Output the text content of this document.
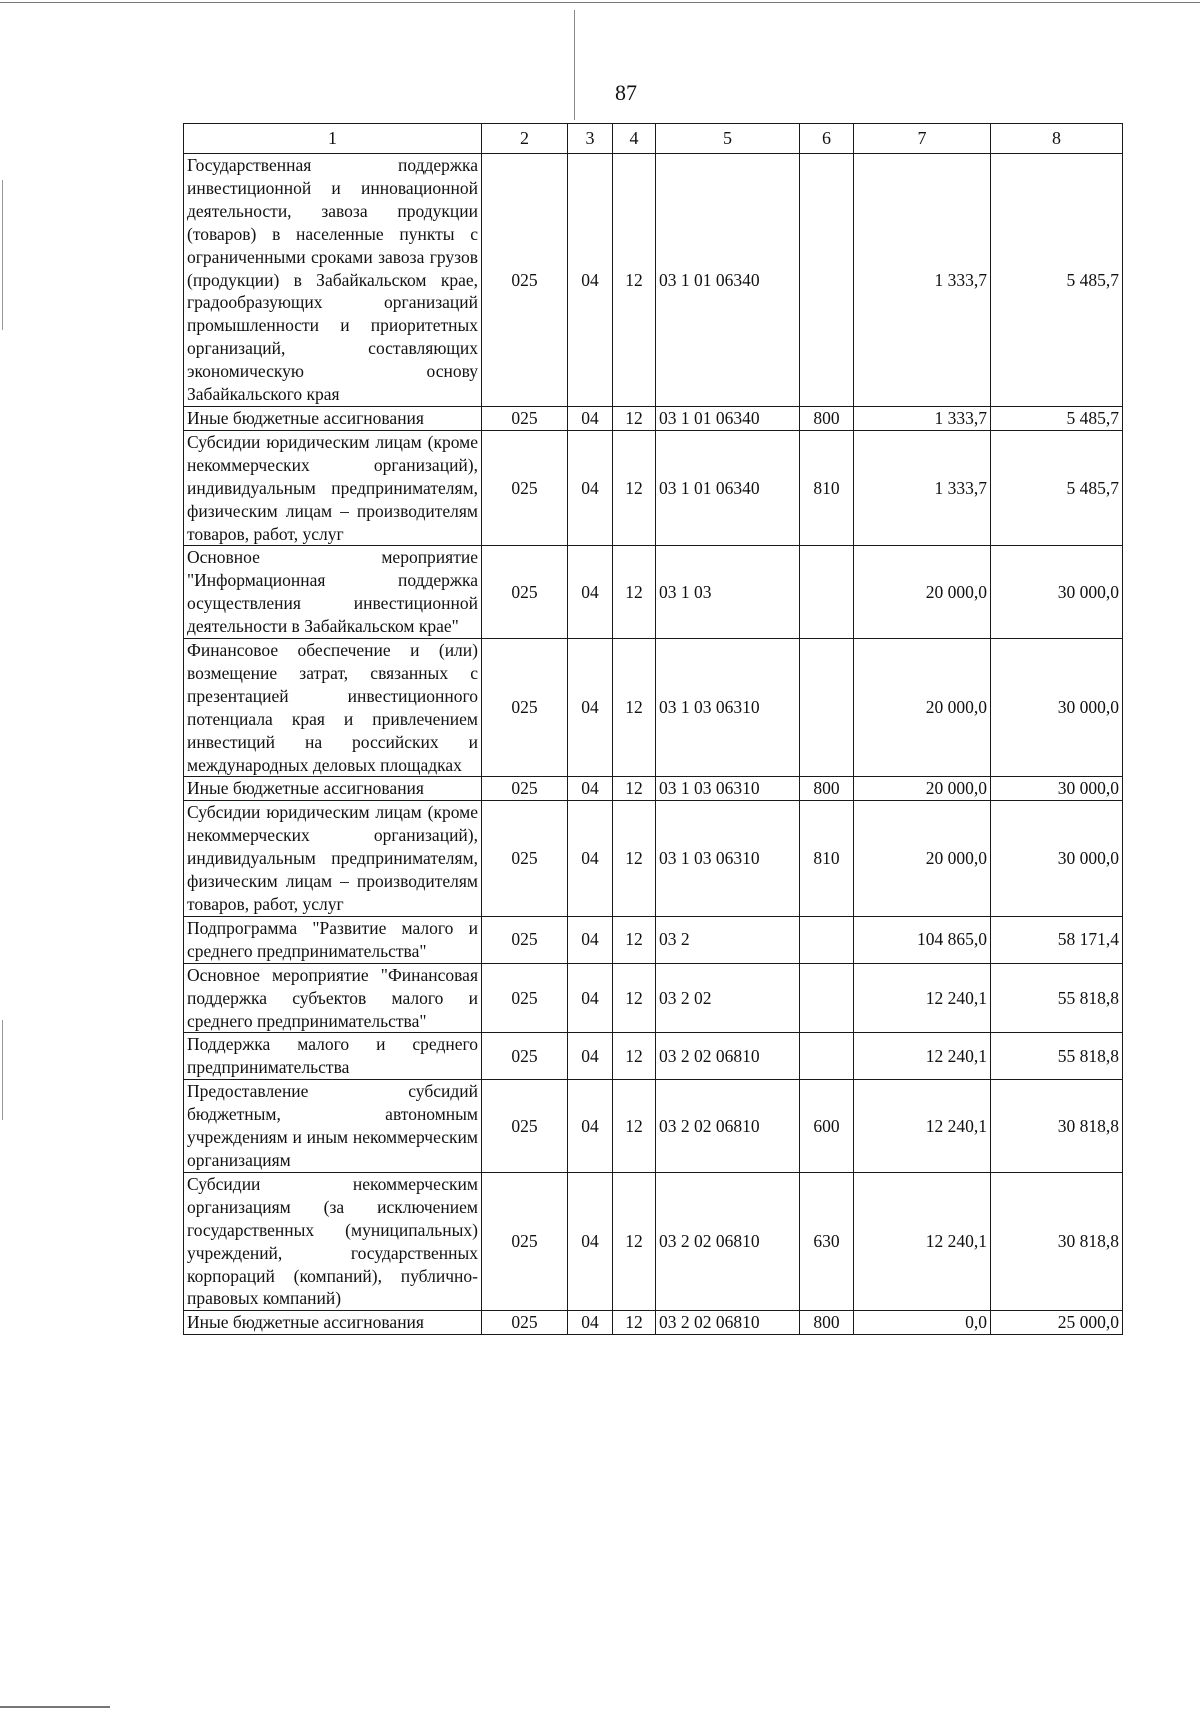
87
1	2	3	4	5	6	7	8
Государственная поддержка инвестиционной и инновационной деятельности, завоза продукции (товаров) в населенные пункты с ограниченными сроками завоза грузов (продукции) в Забайкальском крае, градообразующих организаций промышленности и приоритетных организаций, составляющих экономическую основу Забайкальского края	025	04	12	03 1 01 06340		1 333,7	5 485,7
Иные бюджетные ассигнования	025	04	12	03 1 01 06340	800	1 333,7	5 485,7
Субсидии юридическим лицам (кроме некоммерческих организаций), индивидуальным предпринимателям, физическим лицам – производителям товаров, работ, услуг	025	04	12	03 1 01 06340	810	1 333,7	5 485,7
Основное мероприятие "Информационная поддержка осуществления инвестиционной деятельности в Забайкальском крае"	025	04	12	03 1 03		20 000,0	30 000,0
Финансовое обеспечение и (или) возмещение затрат, связанных с презентацией инвестиционного потенциала края и привлечением инвестиций на российских и международных деловых площадках	025	04	12	03 1 03 06310		20 000,0	30 000,0
Иные бюджетные ассигнования	025	04	12	03 1 03 06310	800	20 000,0	30 000,0
Субсидии юридическим лицам (кроме некоммерческих организаций), индивидуальным предпринимателям, физическим лицам – производителям товаров, работ, услуг	025	04	12	03 1 03 06310	810	20 000,0	30 000,0
Подпрограмма "Развитие малого и среднего предпринимательства"	025	04	12	03 2		104 865,0	58 171,4
Основное мероприятие "Финансовая поддержка субъектов малого и среднего предпринимательства"	025	04	12	03 2 02		12 240,1	55 818,8
Поддержка малого и среднего предпринимательства	025	04	12	03 2 02 06810		12 240,1	55 818,8
Предоставление субсидий бюджетным, автономным учреждениям и иным некоммерческим организациям	025	04	12	03 2 02 06810	600	12 240,1	30 818,8
Субсидии некоммерческим организациям (за исключением государственных (муниципальных) учреждений, государственных корпораций (компаний), публично-правовых компаний)	025	04	12	03 2 02 06810	630	12 240,1	30 818,8
Иные бюджетные ассигнования	025	04	12	03 2 02 06810	800	0,0	25 000,0
